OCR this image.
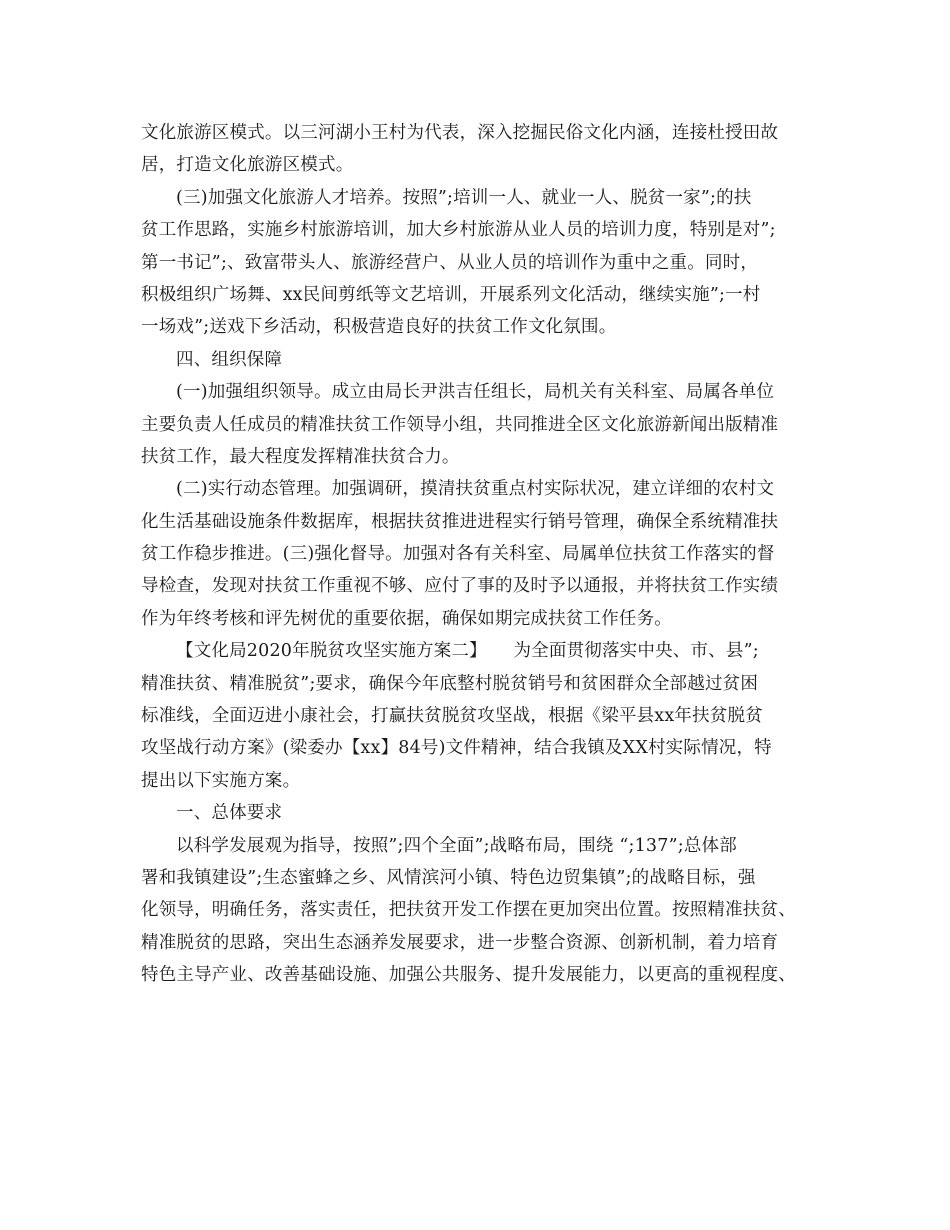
文化旅游区模式。以三河湖小王村为代表，深入挖掘民俗文化内涵，连接杜授田故
居，打造文化旅游区模式。
(三)加强文化旅游人才培养。按照”;培训一人、就业一人、脱贫一家”;的扶
贫工作思路，实施乡村旅游培训，加大乡村旅游从业人员的培训力度，特别是对”;
第一书记”;、致富带头人、旅游经营户、从业人员的培训作为重中之重。同时，
积极组织广场舞、xx民间剪纸等文艺培训，开展系列文化活动，继续实施”;一村
一场戏”;送戏下乡活动，积极营造良好的扶贫工作文化氛围。
四、组织保障
(一)加强组织领导。成立由局长尹洪吉任组长，局机关有关科室、局属各单位
主要负责人任成员的精准扶贫工作领导小组，共同推进全区文化旅游新闻出版精准
扶贫工作，最大程度发挥精准扶贫合力。
(二)实行动态管理。加强调研，摸清扶贫重点村实际状况，建立详细的农村文
化生活基础设施条件数据库，根据扶贫推进进程实行销号管理，确保全系统精准扶
贫工作稳步推进。(三)强化督导。加强对各有关科室、局属单位扶贫工作落实的督
导检查，发现对扶贫工作重视不够、应付了事的及时予以通报，并将扶贫工作实绩
作为年终考核和评先树优的重要依据，确保如期完成扶贫工作任务。
【文化局2020年脱贫攻坚实施方案二】　　为全面贯彻落实中央、市、县”;
精准扶贫、精准脱贫”;要求，确保今年底整村脱贫销号和贫困群众全部越过贫困
标准线，全面迈进小康社会，打赢扶贫脱贫攻坚战，根据《梁平县xx年扶贫脱贫
攻坚战行动方案》(梁委办【xx】84号)文件精神，结合我镇及XX村实际情况，特
提出以下实施方案。
一、总体要求
以科学发展观为指导，按照”;四个全面”;战略布局，围绕 “;137”;总体部
署和我镇建设”;生态蜜蜂之乡、风情滨河小镇、特色边贸集镇”;的战略目标，强
化领导，明确任务，落实责任，把扶贫开发工作摆在更加突出位置。按照精准扶贫、
精准脱贫的思路，突出生态涵养发展要求，进一步整合资源、创新机制，着力培育
特色主导产业、改善基础设施、加强公共服务、提升发展能力，以更高的重视程度、
